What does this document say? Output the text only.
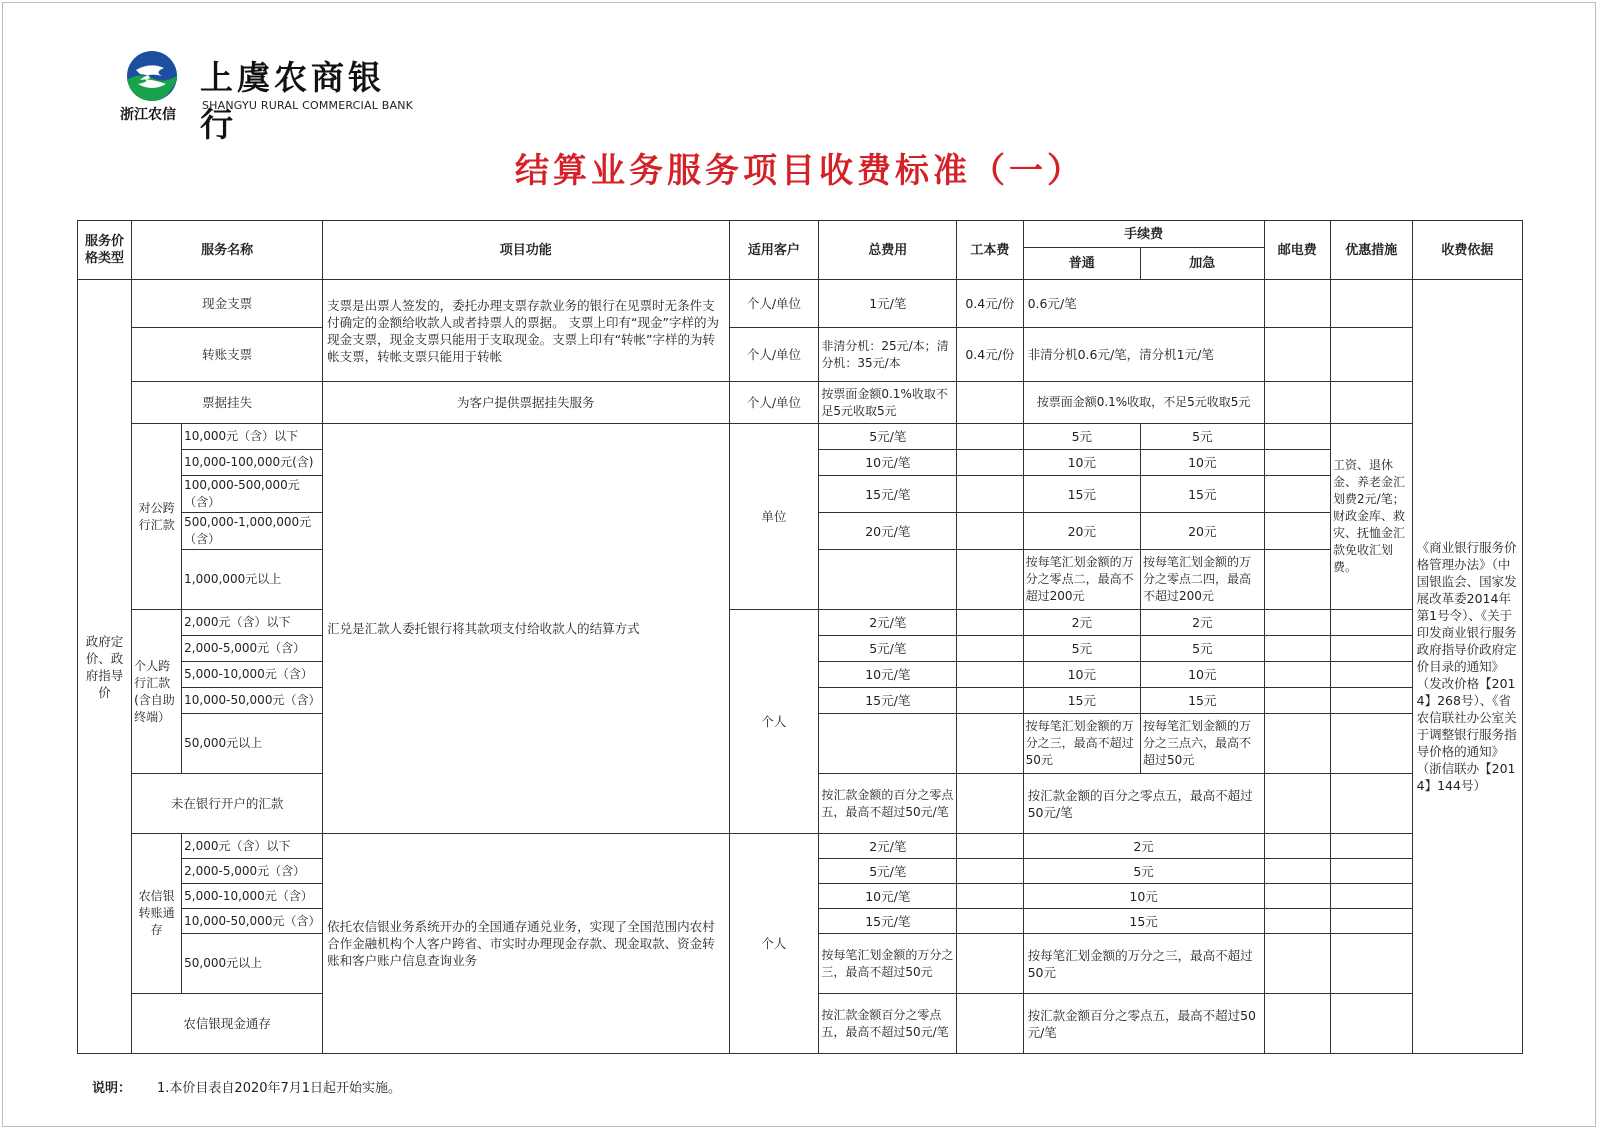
浙江农信
上虞农商银行
SHANGYU RURAL COMMERCIAL BANK
结算业务服务项目收费标准（一）
服务价格类型	服务名称		项目功能	适用客户	总费用	工本费	手续费		邮电费	优惠措施	收费依据
							普通	加急			
政府定价、政府指导价	现金支票		支票是出票人签发的，委托办理支票存款业务的银行在见票时无条件支付确定的金额给收款人或者持票人的票据。 支票上印有“现金”字样的为现金支票，现金支票只能用于支取现金。支票上印有“转帐”字样的为转帐支票，转帐支票只能用于转帐	个人/单位	1元/笔	0.4元/份	0.6元/笔				《商业银行服务价格管理办法》（中国银监会、国家发展改革委2014年第1号令）、《关于印发商业银行服务政府指导价政府定价目录的通知》（发改价格【2014】268号）、《省农信联社办公室关于调整银行服务指导价格的通知》（浙信联办【2014】144号）
	转账支票			个人/单位	非清分机：25元/本；清分机：35元/本	0.4元/份	非清分机0.6元/笔，清分机1元/笔				
	票据挂失		为客户提供票据挂失服务	个人/单位	按票面金额0.1%收取不足5元收取5元		按票面金额0.1%收取，不足5元收取5元				
	对公跨行汇款	10,000元（含）以下	汇兑是汇款人委托银行将其款项支付给收款人的结算方式	单位	5元/笔		5元	5元		工资、退休金、养老金汇划费2元/笔；财政金库、救灾、抚恤金汇款免收汇划费。	
		10,000-100,000元(含)			10元/笔		10元	10元			
		100,000-500,000元（含）			15元/笔		15元	15元			
		500,000-1,000,000元（含）			20元/笔		20元	20元			
		1,000,000元以上					按每笔汇划金额的万分之零点二，最高不超过200元	按每笔汇划金额的万分之零点二四，最高不超过200元			
	个人跨行汇款(含自助终端）	2,000元（含）以下		个人	2元/笔		2元	2元			
		2,000-5,000元（含）			5元/笔		5元	5元			
		5,000-10,000元（含）			10元/笔		10元	10元			
		10,000-50,000元（含）			15元/笔		15元	15元			
		50,000元以上					按每笔汇划金额的万分之三，最高不超过50元	按每笔汇划金额的万分之三点六，最高不超过50元			
	未在银行开户的汇款				按汇款金额的百分之零点五，最高不超过50元/笔		按汇款金额的百分之零点五，最高不超过50元/笔				
	农信银转账通存	2,000元（含）以下	依托农信银业务系统开办的全国通存通兑业务，实现了全国范围内农村合作金融机构个人客户跨省、市实时办理现金存款、现金取款、资金转账和客户账户信息查询业务	个人	2元/笔		2元				
		2,000-5,000元（含）			5元/笔		5元				
		5,000-10,000元（含）			10元/笔		10元				
		10,000-50,000元（含）			15元/笔		15元				
		50,000元以上			按每笔汇划金额的万分之三，最高不超过50元		按每笔汇划金额的万分之三，最高不超过50元				
	农信银现金通存				按汇款金额百分之零点五，最高不超过50元/笔		按汇款金额百分之零点五，最高不超过50元/笔				
说明： 1.本价目表自2020年7月1日起开始实施。
